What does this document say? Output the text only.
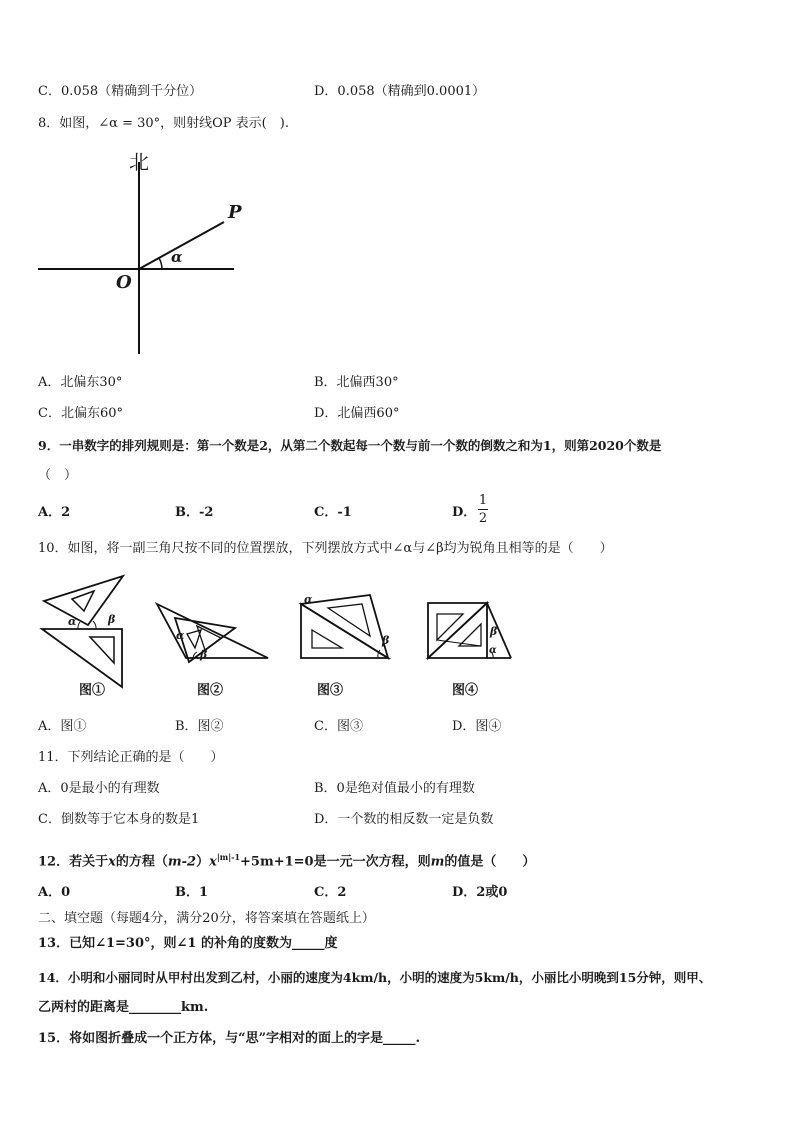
C．0.058（精确到千分位）	D．0.058（精确到0.0001）
8．如图，∠α = 30°，则射线OP 表示(　).
北
P
O
α
A．北偏东30°	B．北偏西30°
C．北偏东60°	D．北偏西60°
9．一串数字的排列规则是：第一个数是2，从第二个数起每一个数与前一个数的倒数之和为1，则第2020个数是
（　）
A．2	B．-2	C．-1	D．
1
2
10．如图，将一副三角尺按不同的位置摆放，下列摆放方式中∠α与∠β均为锐角且相等的是（　　）
α	β
α
β
α
β
β
α
图①	图②	图③	图④
A．图①	B．图②	C．图③	D．图④
11．下列结论正确的是（　　）
A．0是最小的有理数	B．0是绝对值最小的有理数
C．倒数等于它本身的数是1	D．一个数的相反数一定是负数
12．若关于x的方程$(m-2)x^{|m|-1}+5m+1=0$是一元一次方程，则m的值是（　　）
A．0	B．1	C．2	D．2或0
二、填空题（每题4分，满分20分，将答案填在答题纸上）
13．已知∠1=30°，则∠1 的补角的度数为_____度
14．小明和小丽同时从甲村出发到乙村，小丽的速度为4km/h，小明的速度为5km/h，小丽比小明晚到15分钟，则甲、
乙两村的距离是________km.
15．将如图折叠成一个正方体，与“思”字相对的面上的字是_____.
